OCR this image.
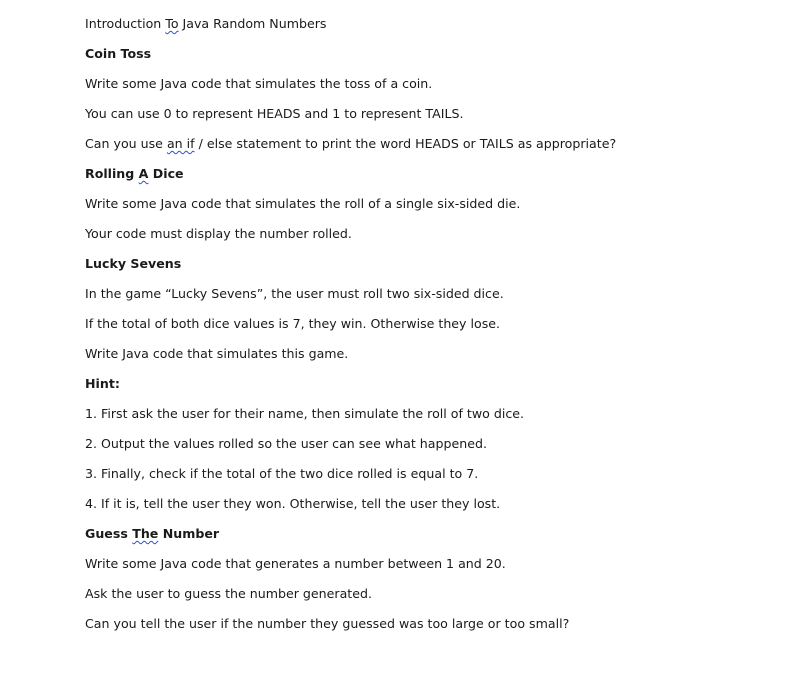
Introduction To Java Random Numbers
Coin Toss
Write some Java code that simulates the toss of a coin.
You can use 0 to represent HEADS and 1 to represent TAILS.
Can you use an if / else statement to print the word HEADS or TAILS as appropriate?
Rolling A Dice
Write some Java code that simulates the roll of a single six-sided die.
Your code must display the number rolled.
Lucky Sevens
In the game “Lucky Sevens”, the user must roll two six-sided dice.
If the total of both dice values is 7, they win. Otherwise they lose.
Write Java code that simulates this game.
Hint:
1. First ask the user for their name, then simulate the roll of two dice.
2. Output the values rolled so the user can see what happened.
3. Finally, check if the total of the two dice rolled is equal to 7.
4. If it is, tell the user they won. Otherwise, tell the user they lost.
Guess The Number
Write some Java code that generates a number between 1 and 20.
Ask the user to guess the number generated.
Can you tell the user if the number they guessed was too large or too small?
